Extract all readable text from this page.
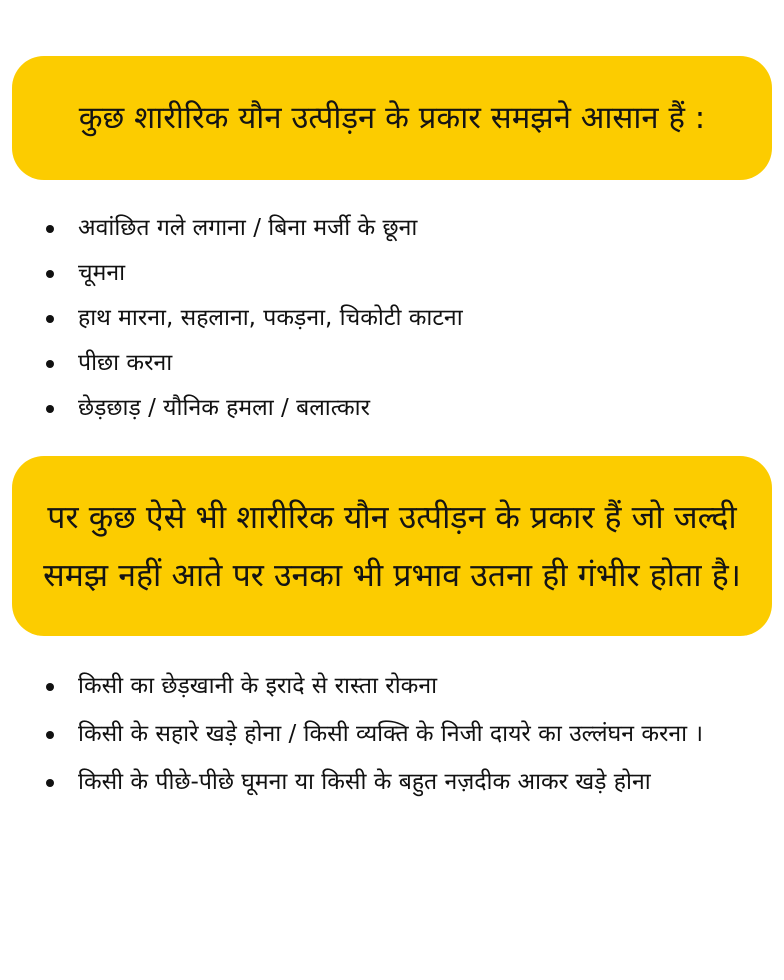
कुछ शारीरिक यौन उत्पीड़न के प्रकार समझने आसान हैं :
अवांछित गले लगाना / बिना मर्जी के छूना
चूमना
हाथ मारना, सहलाना, पकड़ना, चिकोटी काटना
पीछा करना
छेड़छाड़ / यौनिक हमला / बलात्कार
पर कुछ ऐसे भी शारीरिक यौन उत्पीड़न के प्रकार हैं जो जल्दी समझ नहीं आते पर उनका भी प्रभाव उतना ही गंभीर होता है।
किसी का छेड़खानी के इरादे से रास्ता रोकना
किसी के सहारे खड़े होना / किसी व्यक्ति के निजी दायरे का उल्लंघन करना ।
किसी के पीछे-पीछे घूमना या किसी के बहुत नज़दीक आकर खड़े होना
